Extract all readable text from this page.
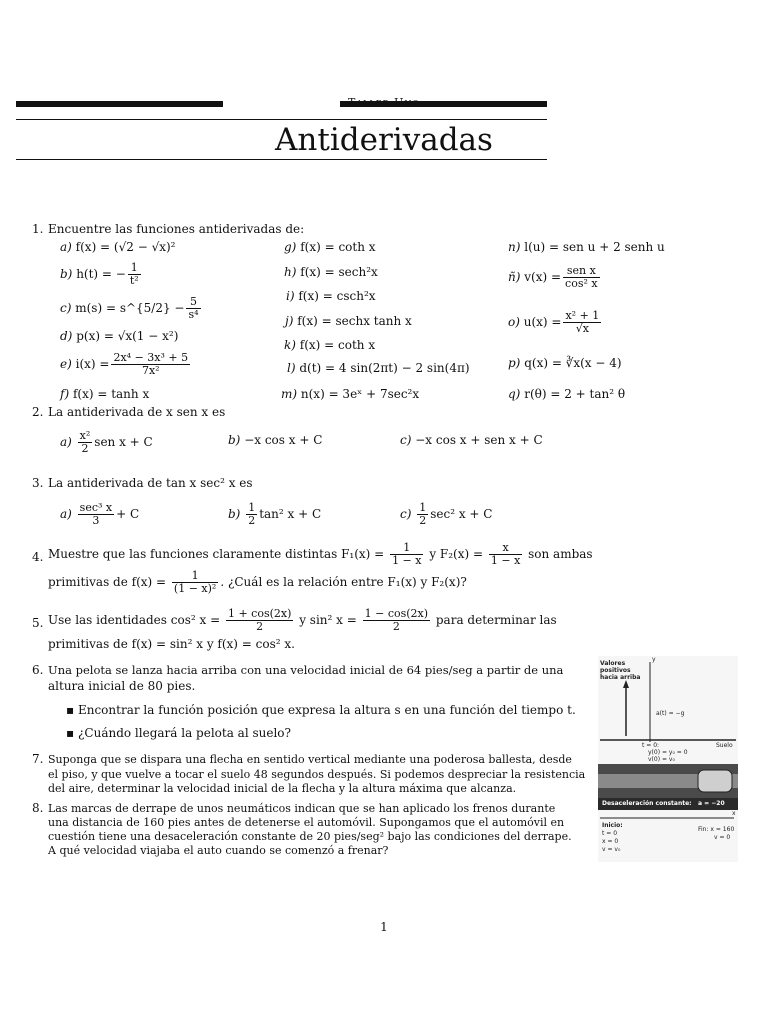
Taller Uno
Antiderivadas
1. Encuentre las funciones antiderivadas de:
a) f(x) = (√2 − √x)²
b) h(t) = − $\frac{1}{\text{t²}}$
c) m(s) = s^{5/2} − $\frac{5}{\text{s⁴}}$
d) p(x) = √x(1 − x²)
e) $i(x) = \frac{\text{2x⁴ − 3x³ + 5}}{\text{7x²}}$
f) f(x) = tanh x
g) f(x) = coth x
h) f(x) = sech²x
i) f(x) = csch²x
j) f(x) = sechx tanh x
k) f(x) = coth x
l) d(t) = 4 sin(2πt) − 2 sin(4π)
m) n(x) = 3eˣ + 7sec²x
n) l(u) = sen u + 2 senh u
ñ) $v(x) = \frac{\text{sen x}}{\text{cos² x}}$
o) $u(x) = \frac{\text{x² + 1}}{√x}$
p) q(x) = ∛x(x − 4)
q) r(θ) = 2 + tan² θ
2. La antiderivada de x sen x es
$a) \frac{\text{x²}}{2}$ sen x + C	b) −x cos x + C	c) −x cos x + sen x + C
3. La antiderivada de tan x sec² x es
$a) \frac{\text{sec³ x}}{3} + C$	$b) \frac{1}{2} \tan^2$ x + C	$c) \frac{1}{2} \sec^2$ x + C
4. Muestre que las funciones claramente distintas $F_1(x) = \frac{1}{1 - x}$ y $F_2(x) = \frac{x}{1 - x}$ son ambas
primitivas de $f(x) = \frac{1}{\text{(1 − x)²}}$ . ¿Cuál es la relación entre F₁(x) y F₂(x)?
5. Use las identidades cos² $x = \frac{1 + \cos(2x)}{2}$ y sin² $x = \frac{1 - \cos(2x)}{2}$ para determinar las
primitivas de f(x) = sin² x y f(x) = cos² x.
6. Una pelota se lanza hacia arriba con una velocidad inicial de 64 pies/seg a partir de una
altura inicial de 80 pies.
▪ Encontrar la función posición que expresa la altura s en una función del tiempo t.
▪ ¿Cuándo llegará la pelota al suelo?
7. Suponga que se dispara una flecha en sentido vertical mediante una poderosa ballesta, desde
el piso, y que vuelve a tocar el suelo 48 segundos después. Si podemos despreciar la resistencia
del aire, determinar la velocidad inicial de la flecha y la altura máxima que alcanza.
8. Las marcas de derrape de unos neumáticos indican que se han aplicado los frenos durante
una distancia de 160 pies antes de detenerse el automóvil. Supongamos que el automóvil en
cuestión tiene una desaceleración constante de 20 pies/seg² bajo las condiciones del derrape.
A qué velocidad viajaba el auto cuando se comenzó a frenar?
Valores
positivos
hacia arriba
y
a(t) = −g
Suelo
t = 0:
y(0) = y₀ = 0
v(0) = v₀
Desaceleración constante: a = −20
x
Inicio:
t = 0
x = 0
v = v₀
Fin: x = 160
v = 0
1
